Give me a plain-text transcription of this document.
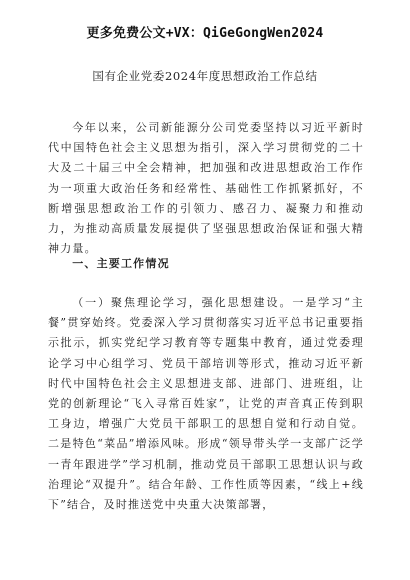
更多免费公文+VX：QiGeGongWen2024
国有企业党委2024年度思想政治工作总结
今年以来，公司新能源分公司党委坚持以习近平新时代中国特色社会主义思想为指引，深入学习贯彻党的二十大及二十届三中全会精神，把加强和改进思想政治工作作为一项重大政治任务和经常性、基础性工作抓紧抓好，不断增强思想政治工作的引领力、感召力、凝聚力和推动力，为推动高质量发展提供了坚强思想政治保证和强大精神力量。
一、主要工作情况
（一）聚焦理论学习，强化思想建设。一是学习“主餐”贯穿始终。党委深入学习贯彻落实习近平总书记重要指示批示，抓实党纪学习教育等专题集中教育，通过党委理论学习中心组学习、党员干部培训等形式，推动习近平新时代中国特色社会主义思想进支部、进部门、进班组，让党的创新理论“飞入寻常百姓家”，让党的声音真正传到职工身边，增强广大党员干部职工的思想自觉和行动自觉。二是特色“菜品”增添风味。形成“领导带头学一支部广泛学一青年跟进学”学习机制，推动党员干部职工思想认识与政治理论“双提升”。结合年龄、工作性质等因素，“线上+线下”结合，及时推送党中央重大决策部署，
